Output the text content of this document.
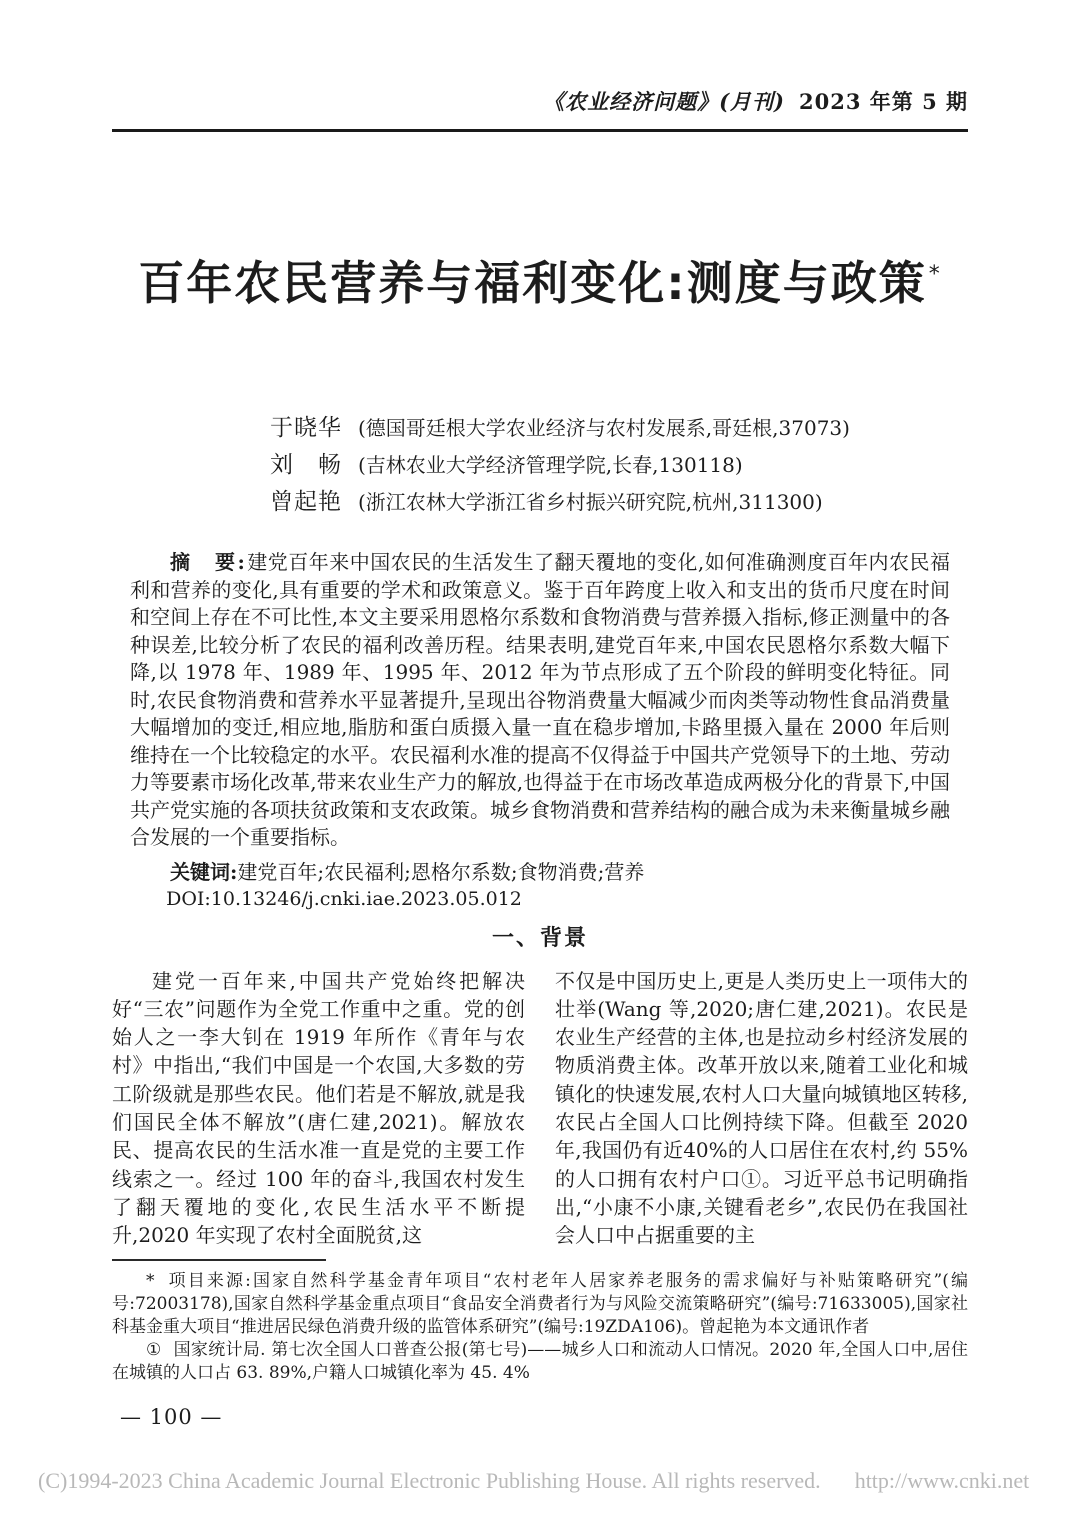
《农业经济问题》(月刊) 2023 年第 5 期
百年农民营养与福利变化:测度与政策*
于晓华 (德国哥廷根大学农业经济与农村发展系,哥廷根,37073)
刘　畅 (吉林农业大学经济管理学院,长春,130118)
曾起艳 (浙江农林大学浙江省乡村振兴研究院,杭州,311300)

摘　要:建党百年来中国农民的生活发生了翻天覆地的变化,如何准确测度百年内农民福利和营养的变化,具有重要的学术和政策意义。鉴于百年跨度上收入和支出的货币尺度在时间和空间上存在不可比性,本文主要采用恩格尔系数和食物消费与营养摄入指标,修正测量中的各种误差,比较分析了农民的福利改善历程。结果表明,建党百年来,中国农民恩格尔系数大幅下降,以 1978 年、1989 年、1995 年、2012 年为节点形成了五个阶段的鲜明变化特征。同时,农民食物消费和营养水平显著提升,呈现出谷物消费量大幅减少而肉类等动物性食品消费量大幅增加的变迁,相应地,脂肪和蛋白质摄入量一直在稳步增加,卡路里摄入量在 2000 年后则维持在一个比较稳定的水平。农民福利水准的提高不仅得益于中国共产党领导下的土地、劳动力等要素市场化改革,带来农业生产力的解放,也得益于在市场改革造成两极分化的背景下,中国共产党实施的各项扶贫政策和支农政策。城乡食物消费和营养结构的融合成为未来衡量城乡融合发展的一个重要指标。

关键词:建党百年;农民福利;恩格尔系数;食物消费;营养

DOI:10.13246/j.cnki.iae.2023.05.012

一、背景

建党一百年来,中国共产党始终把解决好“三农”问题作为全党工作重中之重。党的创始人之一李大钊在 1919 年所作《青年与农村》中指出,“我们中国是一个农国,大多数的劳工阶级就是那些农民。他们若是不解放,就是我们国民全体不解放”(唐仁建,2021)。解放农民、提高农民的生活水准一直是党的主要工作线索之一。经过 100 年的奋斗,我国农村发生了翻天覆地的变化,农民生活水平不断提升,2020 年实现了农村全面脱贫,这

不仅是中国历史上,更是人类历史上一项伟大的壮举(Wang 等,2020;唐仁建,2021)。农民是农业生产经营的主体,也是拉动乡村经济发展的物质消费主体。改革开放以来,随着工业化和城镇化的快速发展,农村人口大量向城镇地区转移,农民占全国人口比例持续下降。但截至 2020 年,我国仍有近40%的人口居住在农村,约 55%的人口拥有农村户口①。习近平总书记明确指出,“小康不小康,关键看老乡”,农民仍在我国社会人口中占据重要的主

* 项目来源:国家自然科学基金青年项目“农村老年人居家养老服务的需求偏好与补贴策略研究”(编号:72003178),国家自然科学基金重点项目“食品安全消费者行为与风险交流策略研究”(编号:71633005),国家社科基金重大项目“推进居民绿色消费升级的监管体系研究”(编号:19ZDA106)。曾起艳为本文通讯作者

① 国家统计局. 第七次全国人口普查公报(第七号)——城乡人口和流动人口情况。2020 年,全国人口中,居住在城镇的人口占 63. 89%,户籍人口城镇化率为 45. 4%

— 100 —
(C)1994-2023 China Academic Journal Electronic Publishing House. All rights reserved. http://www.cnki.net
